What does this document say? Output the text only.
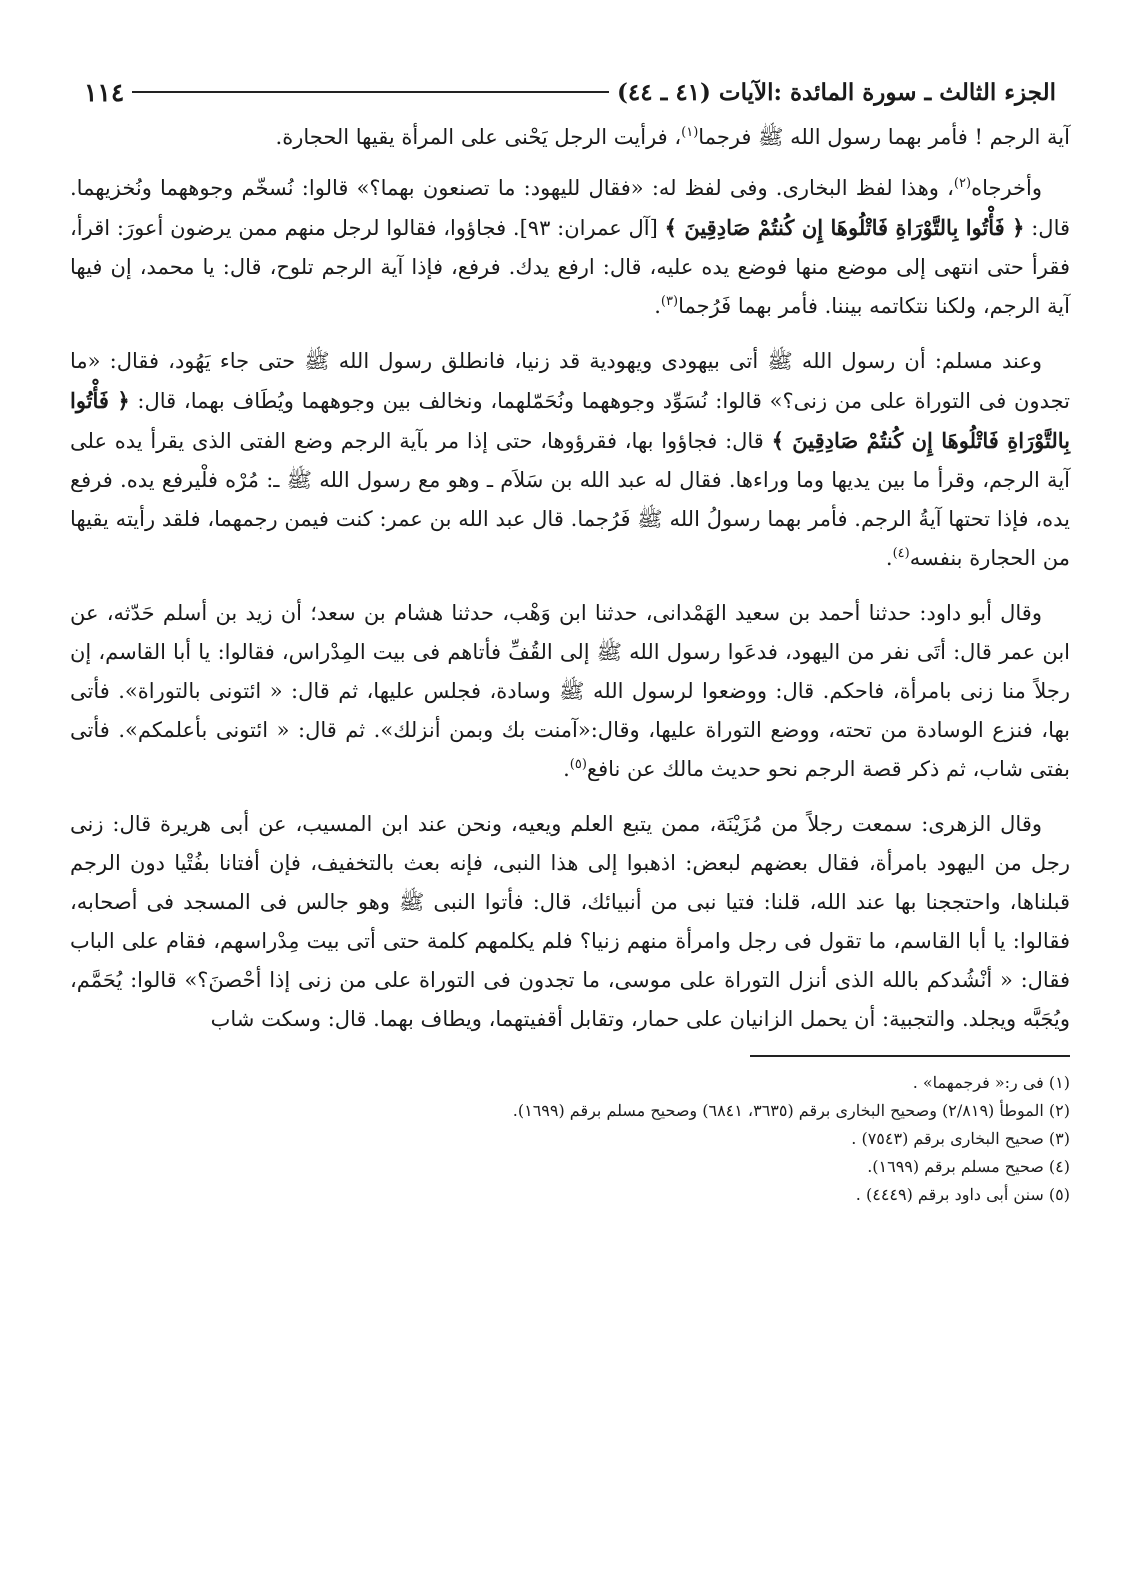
الجزء الثالث ـ سورة المائدة :الآيات (٤١ ـ ٤٤)
١١٤

آية الرجم ! فأمر بهما رسول الله ﷺ فرجما$^{(١)}$، فرأيت الرجل يَحْنى على المرأة يقيها الحجارة.

وأخرجاه$^{(٢)}$، وهذا لفظ البخارى. وفى لفظ له: «فقال لليهود: ما تصنعون بهما؟» قالوا: نُسخّم وجوههما ونُخزيهما. قال: ﴿ فَأْتُوا بِالتَّوْرَاةِ فَاتْلُوهَا إِن كُنتُمْ صَادِقِينَ ﴾ [آل عمران: ٩٣]. فجاؤوا، فقالوا لرجل منهم ممن يرضون أعورَ: اقرأ، فقرأ حتى انتهى إلى موضع منها فوضع يده عليه، قال: ارفع يدك. فرفع، فإذا آية الرجم تلوح، قال: يا محمد، إن فيها آية الرجم، ولكنا نتكاتمه بيننا. فأمر بهما فَرُجما$^{(٣)}$.

وعند مسلم: أن رسول الله ﷺ أتى بيهودى ويهودية قد زنيا، فانطلق رسول الله ﷺ حتى جاء يَهُود، فقال: «ما تجدون فى التوراة على من زنى؟» قالوا: نُسَوِّد وجوههما ونُحَمّلهما، ونخالف بين وجوههما ويُطَاف بهما، قال: ﴿ فَأْتُوا بِالتَّوْرَاةِ فَاتْلُوهَا إِن كُنتُمْ صَادِقِينَ ﴾ قال: فجاؤوا بها، فقرؤوها، حتى إذا مر بآية الرجم وضع الفتى الذى يقرأ يده على آية الرجم، وقرأ ما بين يديها وما وراءها. فقال له عبد الله بن سَلاَم ـ وهو مع رسول الله ﷺ ـ: مُرْه فلْيرفع يده. فرفع يده، فإذا تحتها آيةُ الرجم. فأمر بهما رسولُ الله ﷺ فَرُجما. قال عبد الله بن عمر: كنت فيمن رجمهما، فلقد رأيته يقيها من الحجارة بنفسه$^{(٤)}$.

وقال أبو داود: حدثنا أحمد بن سعيد الهَمْدانى، حدثنا ابن وَهْب، حدثنا هشام بن سعد؛ أن زيد بن أسلم حَدّثه، عن ابن عمر قال: أتَى نفر من اليهود، فدعَوا رسول الله ﷺ إلى القُفِّ فأتاهم فى بيت المِدْراس، فقالوا: يا أبا القاسم، إن رجلاً منا زنى بامرأة، فاحكم. قال: ووضعوا لرسول الله ﷺ وسادة، فجلس عليها، ثم قال: « ائتونى بالتوراة». فأتى بها، فنزع الوسادة من تحته، ووضع التوراة عليها، وقال:«آمنت بك وبمن أنزلك». ثم قال: « ائتونى بأعلمكم». فأتى بفتى شاب، ثم ذكر قصة الرجم نحو حديث مالك عن نافع$^{(٥)}$.

وقال الزهرى: سمعت رجلاً من مُزَيْنَة، ممن يتبع العلم ويعيه، ونحن عند ابن المسيب، عن أبى هريرة قال: زنى رجل من اليهود بامرأة، فقال بعضهم لبعض: اذهبوا إلى هذا النبى، فإنه بعث بالتخفيف، فإن أفتانا بفُتْيا دون الرجم قبلناها، واحتججنا بها عند الله، قلنا: فتيا نبى من أنبيائك، قال: فأتوا النبى ﷺ وهو جالس فى المسجد فى أصحابه، فقالوا: يا أبا القاسم، ما تقول فى رجل وامرأة منهم زنيا؟ فلم يكلمهم كلمة حتى أتى بيت مِدْراسهم، فقام على الباب فقال: « أنْشُدكم بالله الذى أنزل التوراة على موسى، ما تجدون فى التوراة على من زنى إذا أحْصنَ؟» قالوا: يُحَمَّم، ويُجَبَّه ويجلد. والتجبية: أن يحمل الزانيان على حمار، وتقابل أقفيتهما، ويطاف بهما. قال: وسكت شاب

(١) فى ر:« فرجمهما» .
(٢) الموطأ (٢/٨١٩) وصحيح البخارى برقم (٣٦٣٥، ٦٨٤١) وصحيح مسلم برقم (١٦٩٩).
(٣) صحيح البخارى برقم (٧٥٤٣) .
(٤) صحيح مسلم برقم (١٦٩٩).
(٥) سنن أبى داود برقم (٤٤٤٩) .
